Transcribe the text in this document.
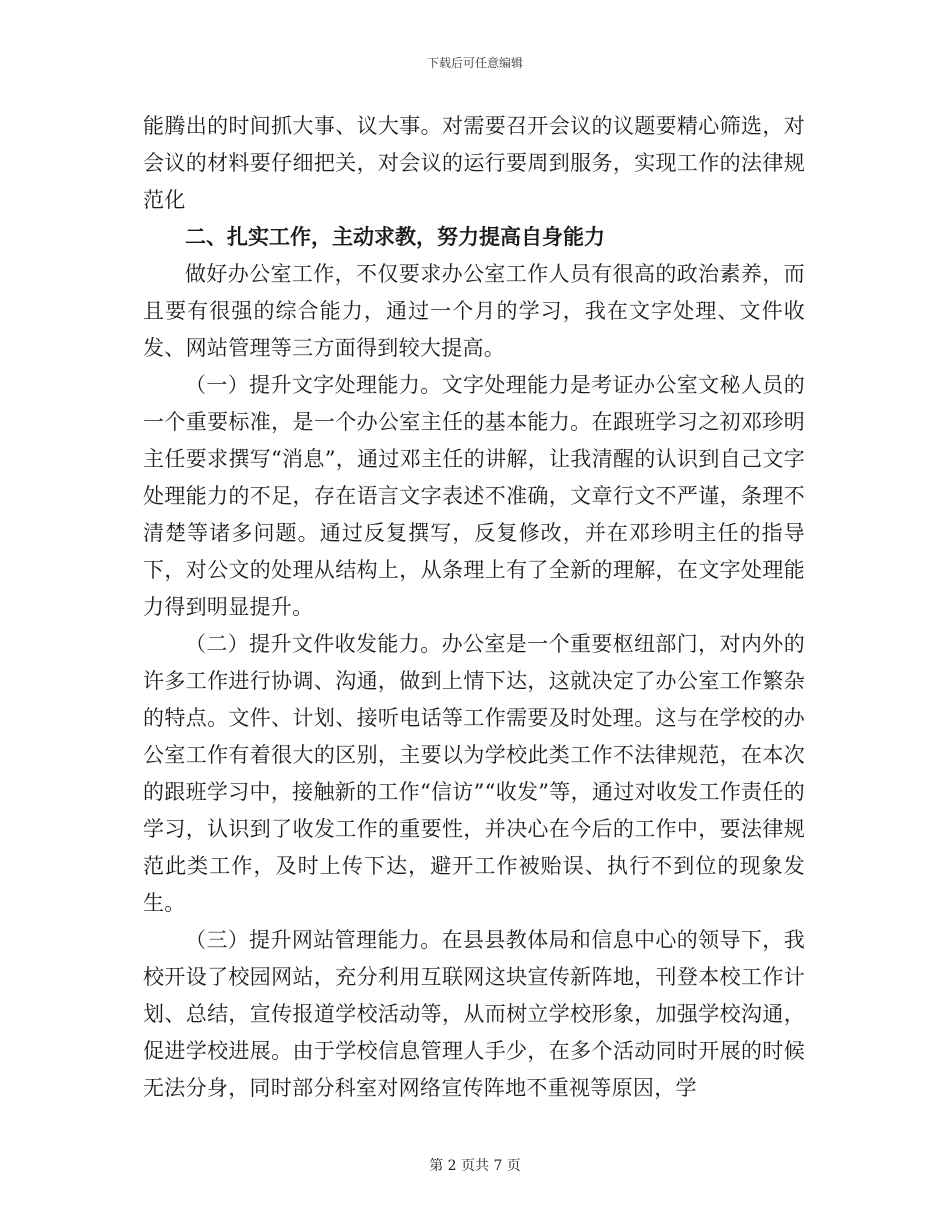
下载后可任意编辑

能腾出的时间抓大事、议大事。对需要召开会议的议题要精心筛选，对会议的材料要仔细把关，对会议的运行要周到服务，实现工作的法律规范化

二、扎实工作，主动求教，努力提高自身能力

做好办公室工作，不仅要求办公室工作人员有很高的政治素养，而且要有很强的综合能力，通过一个月的学习，我在文字处理、文件收发、网站管理等三方面得到较大提高。

（一）提升文字处理能力。文字处理能力是考证办公室文秘人员的一个重要标准，是一个办公室主任的基本能力。在跟班学习之初邓珍明主任要求撰写“消息”，通过邓主任的讲解，让我清醒的认识到自己文字处理能力的不足，存在语言文字表述不准确，文章行文不严谨，条理不清楚等诸多问题。通过反复撰写，反复修改，并在邓珍明主任的指导下，对公文的处理从结构上，从条理上有了全新的理解，在文字处理能力得到明显提升。

（二）提升文件收发能力。办公室是一个重要枢纽部门，对内外的许多工作进行协调、沟通，做到上情下达，这就决定了办公室工作繁杂的特点。文件、计划、接听电话等工作需要及时处理。这与在学校的办公室工作有着很大的区别，主要以为学校此类工作不法律规范，在本次的跟班学习中，接触新的工作“信访”“收发”等，通过对收发工作责任的学习，认识到了收发工作的重要性，并决心在今后的工作中，要法律规范此类工作，及时上传下达，避开工作被贻误、执行不到位的现象发生。

（三）提升网站管理能力。在县县教体局和信息中心的领导下，我校开设了校园网站，充分利用互联网这块宣传新阵地，刊登本校工作计划、总结，宣传报道学校活动等，从而树立学校形象，加强学校沟通，促进学校进展。由于学校信息管理人手少，在多个活动同时开展的时候无法分身，同时部分科室对网络宣传阵地不重视等原因，学

第 2 页共 7 页
